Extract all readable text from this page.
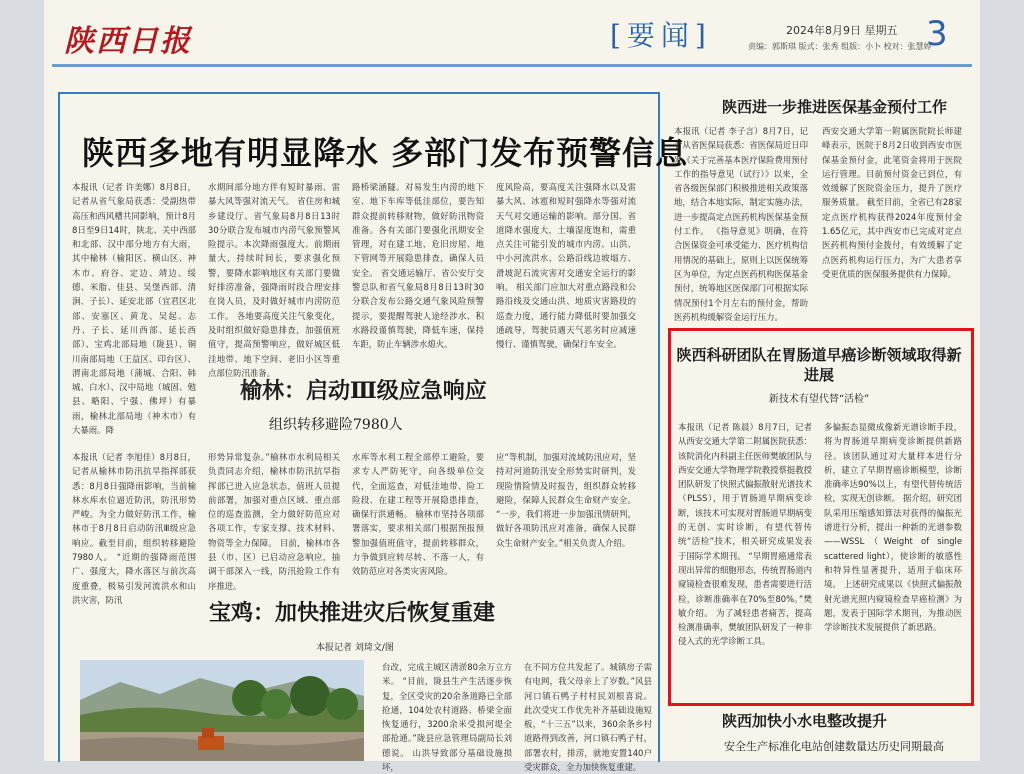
陕西日报	[要闻]	2024年8月9日 星期五
责编：郭斯琪 版式：张秀 组版：小卜 校对：张慧婷
3
陕西多地有明显降水 多部门发布预警信息
本报讯（记者 许美娜）8月8日，记者从省气象局获悉：受副热带高压和西风槽共同影响，预计8月8日至9日14时，陕北、关中西部和北部、汉中部分地方有大雨，其中榆林（榆阳区、横山区、神木市、府谷、定边、靖边、绥德、米脂、佳县、吴堡西部、清涧、子长）、延安北部（宜君区北部、安塞区、黄龙、吴起、志丹、子长、延川西部、延长西部）、宝鸡北部局地（陇县）、铜川南部局地（王益区、印台区）、渭南北部局地（蒲城、合阳、韩城、白水）、汉中局地（城固、勉县、略阳、宁强、佛坪）有暴雨，榆林北部局地（神木市）有大暴雨。降
水期间部分地方伴有短时暴雨、雷暴大风等强对流天气。 省住房和城乡建设厅、省气象局8月8日13时30分联合发布城市内涝气象预警风险提示。本次降雨强度大、前期雨量大，持续时间长，要求强化预警，要降水影响地区有关部门要做好排涝准备，强降雨时段合理安排在岗人员，及时做好城市内涝防范工作。 各地要高度关注气象变化，及时组织做好隐患排查，加强值班值守，提高预警响应，做好城区低洼地带、地下空间、老旧小区等重点部位防汛准备。
路桥梁涵隧。对易发生内涝的地下室、地下车库等低洼部位，要告知群众提前转移财物，做好防汛物资准备。各有关部门要强化汛期安全管理，对在建工地、危旧房屋、地下管网等开展隐患排查，确保人员安全。 省交通运输厅、省公安厅交警总队和省气象局8月8日13时30分联合发布公路交通气象风险预警提示，要提醒驾驶人途经涉水、积水路段谨慎驾驶，降低车速，保持车距，防止车辆涉水熄火。
度风险高，要高度关注强降水以及雷暴大风、冰雹和短时强降水等强对流天气对交通运输的影响。部分国、省道降水强度大，土壤湿度饱和，需重点关注可能引发的城市内涝、山洪、中小河流洪水、公路沿线边坡塌方、滑坡泥石流灾害对交通安全运行的影响。 相关部门应加大对重点路段和公路沿线及交通山洪、地质灾害路段的巡查力度，通行能力降低时要加强交通疏导，驾驶员遇天气恶劣时应减速慢行、谨慎驾驶，确保行车安全。
榆林：启动Ⅲ级应急响应
组织转移避险7980人
本报讯（记者 李旭佳）8月8日，记者从榆林市防汛抗旱指挥部获悉：8月8日强降雨影响，当前榆林水库水位逼近防汛，防汛形势严峻。为全力做好防汛工作，榆林市于8月8日启动防汛Ⅲ级应急响应。截至目前，组织转移避险7980人。 “近期的强降雨范围广、强度大，降水落区与前次高度重叠，极易引发河流洪水和山洪灾害，防汛
形势异常复杂。”榆林市水利局相关负责同志介绍，榆林市防汛抗旱指挥部已进入应急状态，值班人员提前部署，加强对重点区域、重点部位的巡查监测，全力做好防范应对各项工作，专家支撑、技术材料、物资等全力保障。 目前，榆林市各县（市、区）已启动应急响应，抽调干部深入一线，防汛抢险工作有序推进。
水库等水利工程全部停工避险，要求专人严防死守，向各级单位交代，全面巡查，对低洼地带、险工险段、在建工程等开展隐患排查，确保行洪通畅。 榆林市坚持各项部署落实，要求相关部门根据预报预警加强值班值守，提前转移群众，力争做到应转尽转、不落一人，有效防范应对各类灾害风险。
应“等机制，加强对流域防汛应对，坚持对河道防汛安全形势实时研判，发现险情险情及时报告，组织群众转移避险，保障人民群众生命财产安全。 “一步，我们将进一步加强汛情研判，做好各项防汛应对准备，确保人民群众生命财产安全。”相关负责人介绍。
宝鸡：加快推进灾后恢复重建
本报记者 刘琦文/图
台改，完成主城区清淤80余万立方米。 “目前，陇县生产生活逐步恢复，全区受灾的20余条道路已全部抢通，104处农村道路、桥梁全面恢复通行，3200余米受损河堤全部抢通。”陇县应急管理局副局长刘德说。 山洪导致部分基础设施损坏，
在不同方位共发起了。城镇房子需有电网，我父母亲上了岁数。”风县河口镇石鸭子村村民刘根喜说。 此次受灾工作优先补齐基础设施短板，“十三五”以来，360余条乡村道路得到改善，河口镇石鸭子村，部署农村，排涝，就地安置140户受灾群众，全力加快恢复重建。
陕西进一步推进医保基金预付工作
本报讯（记者 李子言）8月7日，记者从省医保局获悉：省医保局近日印发《关于完善基本医疗保险费用预付工作的指导意见（试行）》以来，全省各级医保部门积极推进相关政策落地，结合本地实际，制定实施办法，进一步提高定点医药机构医保基金预付工作。 《指导意见》明确，在符合医保资金可承受能力、医疗机构信用情况的基础上，原则上以医保统筹区为单位，为定点医药机构医保基金预付，统筹地区医保部门可根据实际情况预付1个月左右的预付金，帮助医药机构缓解资金运行压力。
西安交通大学第一附属医院院长师建峰表示，医院于8月2日收到西安市医保基金预付金，此笔资金将用于医院运行管理。目前预付资金已到位，有效缓解了医院资金压力，提升了医疗服务质量。 截至目前，全省已有28家定点医疗机构获得2024年度预付金1.65亿元，其中西安市已完成对定点医药机构预付金拨付，有效缓解了定点医药机构运行压力，为广大患者享受更优质的医保服务提供有力保障。
陕西科研团队在胃肠道早癌诊断领域取得新进展
新技术有望代替“活检”
本报讯（记者 陈晨）8月7日，记者从西安交通大学第二附属医院获悉：该院消化内科副主任医师樊敏团队与西安交通大学物理学院教授蔡挺教授团队研发了快照式偏振散射光谱技术（PLSS），用于胃肠道早期病变诊断，该技术可实现对胃肠道早期病变的无创、实时诊断，有望代替传统“活检”技术，相关研究成果发表于国际学术期刊。 “早期胃癌通常表现出异常的细胞形态，传统胃肠道内窥镜检查很难发现，患者需要进行活检，诊断准确率在70%至80%。”樊敏介绍。 为了减轻患者痛苦，提高检测准确率，樊敏团队研发了一种非侵入式的光学诊断工具。
多偏振态显微成像新光谱诊断手段，将为胃肠道早期病变诊断提供新路径。该团队通过对大量样本进行分析，建立了早期胃癌诊断模型，诊断准确率达90%以上，有望代替传统活检，实现无创诊断。 据介绍，研究团队采用压缩感知算法对获得的偏振光谱进行分析，提出一种新的光谱参数——WSSL（Weight of single scattered light），使诊断的敏感性和特异性显著提升，适用于临床环境。 上述研究成果以《快照式偏振散射光谱光照内窥镜检查早癌检测》为题，发表于国际学术期刊，为推动医学诊断技术发展提供了新思路。
陕西加快小水电整改提升
安全生产标准化电站创建数量达历史同期最高
